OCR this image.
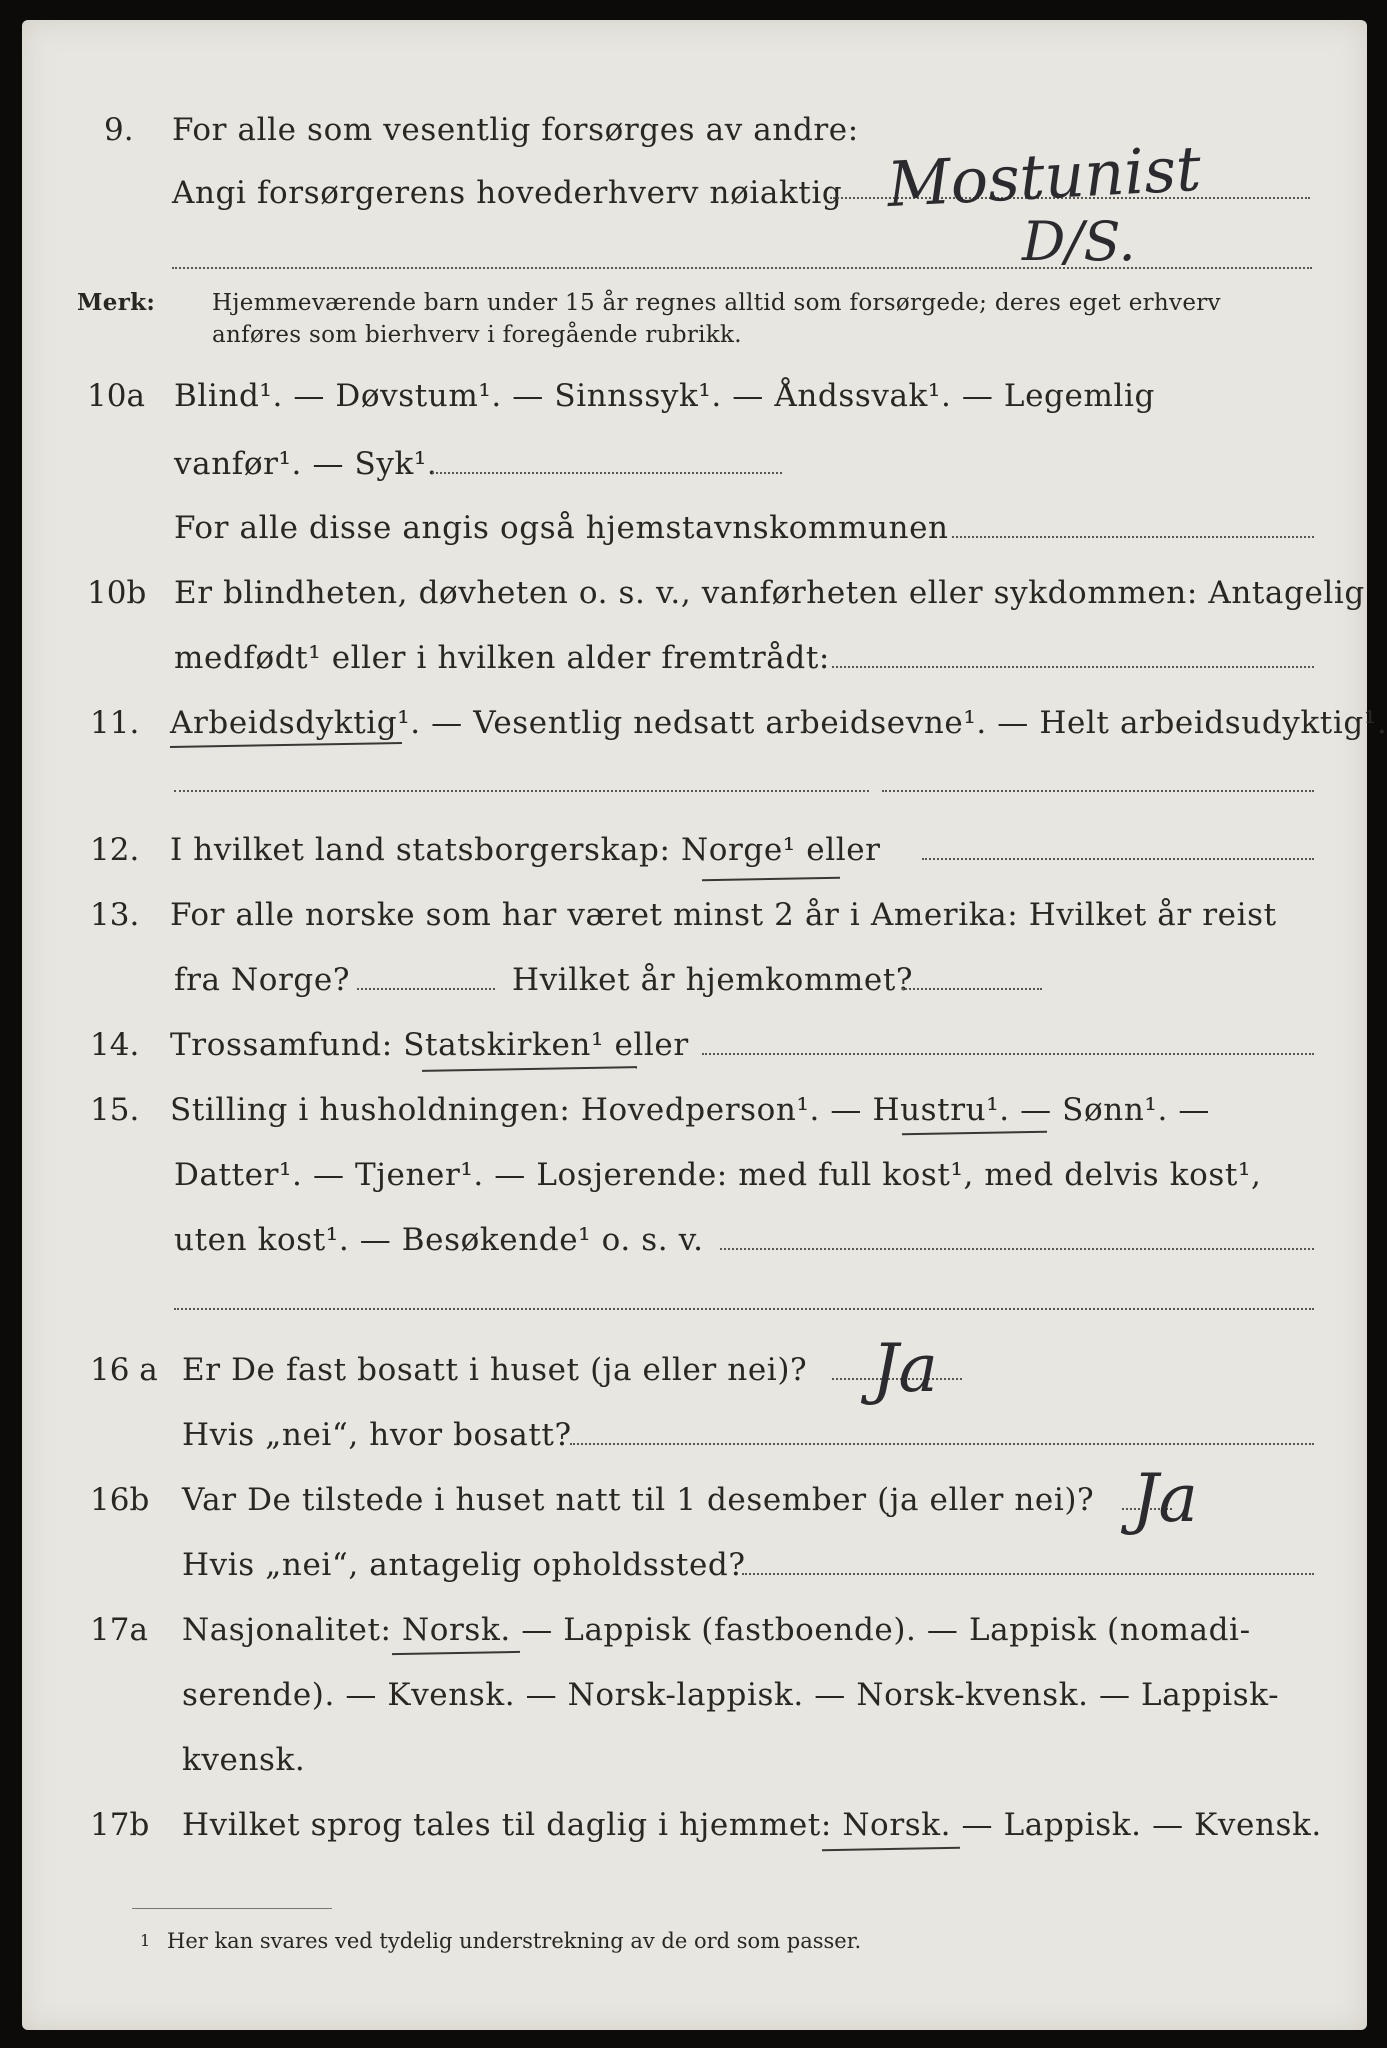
9. For alle som vesentlig forsørges av andre:
Angi forsørgerens hovederhverv nøiaktig Mostunist
D/S.
Merk: Hjemmeværende barn under 15 år regnes alltid som forsørgede; deres eget erhverv
anføres som bierhverv i foregående rubrikk.
10a Blind¹. — Døvstum¹. — Sinnssyk¹. — Åndssvak¹. — Legemlig
vanfør¹. — Syk¹.
For alle disse angis også hjemstavnskommunen
10b Er blindheten, døvheten o. s. v., vanførheten eller sykdommen: Antagelig
medfødt¹ eller i hvilken alder fremtrådt:
11. Arbeidsdyktig¹. — Vesentlig nedsatt arbeidsevne¹. — Helt arbeidsudyktig¹.
12. I hvilket land statsborgerskap: Norge¹ eller
13. For alle norske som har været minst 2 år i Amerika: Hvilket år reist
fra Norge?	Hvilket år hjemkommet?
14. Trossamfund: Statskirken¹ eller
15. Stilling i husholdningen: Hovedperson¹. — Hustru¹. — Sønn¹. —
Datter¹. — Tjener¹. — Losjerende: med full kost¹, med delvis kost¹,
uten kost¹. — Besøkende¹ o. s. v.
16 a Er De fast bosatt i huset (ja eller nei)? Ja
Hvis „nei“, hvor bosatt?
16b Var De tilstede i huset natt til 1 desember (ja eller nei)? Ja
Hvis „nei“, antagelig opholdssted?
17a Nasjonalitet: Norsk. — Lappisk (fastboende). — Lappisk (nomadi-
serende). — Kvensk. — Norsk-lappisk. — Norsk-kvensk. — Lappisk-
kvensk.
17b Hvilket sprog tales til daglig i hjemmet: Norsk. — Lappisk. — Kvensk.
1 Her kan svares ved tydelig understrekning av de ord som passer.
